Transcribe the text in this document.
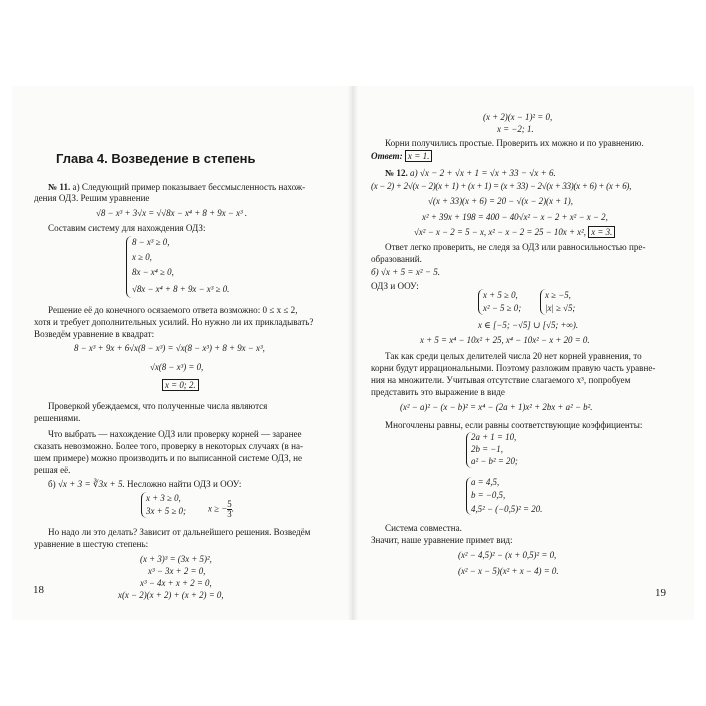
Глава 4. Возведение в степень
№ 11. а) Следующий пример показывает бессмысленность нахож-
дения ОДЗ. Решим уравнение
√8 − x³ + 3√x = √√8x − x⁴ + 8 + 9x − x³ .
Составим систему для нахождения ОДЗ:
8 − x³ ≥ 0,
x ≥ 0,
8x − x⁴ ≥ 0,
√8x − x⁴ + 8 + 9x − x³ ≥ 0.
Решение её до конечного осязаемого ответа возможно: 0 ≤ x ≤ 2,
хотя и требует дополнительных усилий. Но нужно ли их прикладывать?
Возведём уравнение в квадрат:
8 − x³ + 9x + 6√x(8 − x³) = √x(8 − x³) + 8 + 9x − x³,
√x(8 − x³) = 0,
x = 0; 2.
Проверкой убеждаемся, что полученные числа являются
решениями.
Что выбрать — нахождение ОДЗ или проверку корней — заранее
сказать невозможно. Более того, проверку в некоторых случаях (в на-
шем примере) можно производить и по выписанной системе ОДЗ, не
решая её.
б) √x + 3 = ∛3x + 5. Несложно найти ОДЗ и ООУ:
x + 3 ≥ 0,
3x + 5 ≥ 0; x ≥ − $\frac{5}{3}$ .
Но надо ли это делать? Зависит от дальнейшего решения. Возведём
уравнение в шестую степень:
(x + 3)³ = (3x + 5)²,
x³ − 3x + 2 = 0,
x³ − 4x + x + 2 = 0,
x(x − 2)(x + 2) + (x + 2) = 0,
18
(x + 2)(x − 1)² = 0,
x = −2; 1.
Корни получились простые. Проверить их можно и по уравнению.
Ответ: x = 1.
№ 12. а) √x − 2 + √x + 1 = √x + 33 − √x + 6.
(x − 2) + 2√(x − 2)(x + 1) + (x + 1) = (x + 33) − 2√(x + 33)(x + 6) + (x + 6),
√(x + 33)(x + 6) = 20 − √(x − 2)(x + 1),
x² + 39x + 198 = 400 − 40√x² − x − 2 + x² − x − 2,
√x² − x − 2 = 5 − x, x² − x − 2 = 25 − 10x + x², x = 3.
Ответ легко проверить, не следя за ОДЗ или равносильностью пре-
образований.
б) √x + 5 = x² − 5.
ОДЗ и ООУ:
x + 5 ≥ 0,
x² − 5 ≥ 0;
x ≥ −5,
|x| ≥ √5;
x ∈ [−5; −√5] ∪ [√5; +∞).
x + 5 = x⁴ − 10x² + 25, x⁴ − 10x² − x + 20 = 0.
Так как среди целых делителей числа 20 нет корней уравнения, то
корни будут иррациональными. Поэтому разложим правую часть уравне-
ния на множители. Учитывая отсутствие слагаемого x³, попробуем
представить это выражение в виде
(x² − a)² − (x − b)² = x⁴ − (2a + 1)x² + 2bx + a² − b².
Многочлены равны, если равны соответствующие коэффициенты:
2a + 1 = 10,
2b = −1,
a² − b² = 20;
a = 4,5,
b = −0,5,
4,5² − (−0,5)² = 20.
Система совместна.
Значит, наше уравнение примет вид:
(x² − 4,5)² − (x + 0,5)² = 0,
(x² − x − 5)(x² + x − 4) = 0.
19
